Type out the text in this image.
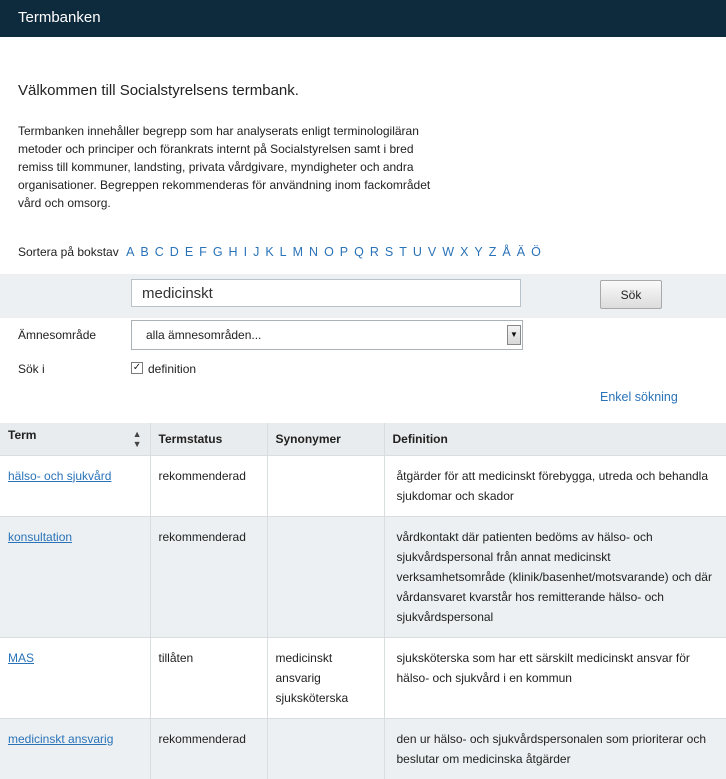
Termbanken

Välkommen till Socialstyrelsens termbank.

Termbanken innehåller begrepp som har analyserats enligt terminologiläran metoder och principer och förankrats internt på Socialstyrelsen samt i bred remiss till kommuner, landsting, privata vårdgivare, myndigheter och andra organisationer. Begreppen rekommenderas för användning inom fackområdet vård och omsorg.

Sortera på bokstav A B C D E F G H I J K L M N O P Q R S T U V W X Y Z Å Ä Ö
medicinskt
Sök
Ämnesområde	alla ämnesområden...	▼
Sök i	✓ definition
Enkel sökning
Term ▲
▼	Termstatus	Synonymer	Definition
hälso- och sjukvård	rekommenderad		åtgärder för att medicinskt förebygga, utreda och behandla sjukdomar och skador
konsultation	rekommenderad		vårdkontakt där patienten bedöms av hälso- och sjukvårdspersonal från annat medicinskt verksamhetsområde (klinik/basenhet/motsvarande) och där vårdansvaret kvarstår hos remitterande hälso- och sjukvårdspersonal
MAS	tillåten	medicinskt ansvarig sjuksköterska	sjuksköterska som har ett särskilt medicinskt ansvar för hälso- och sjukvård i en kommun
medicinskt ansvarig	rekommenderad		den ur hälso- och sjukvårdspersonalen som prioriterar och beslutar om medicinska åtgärder
